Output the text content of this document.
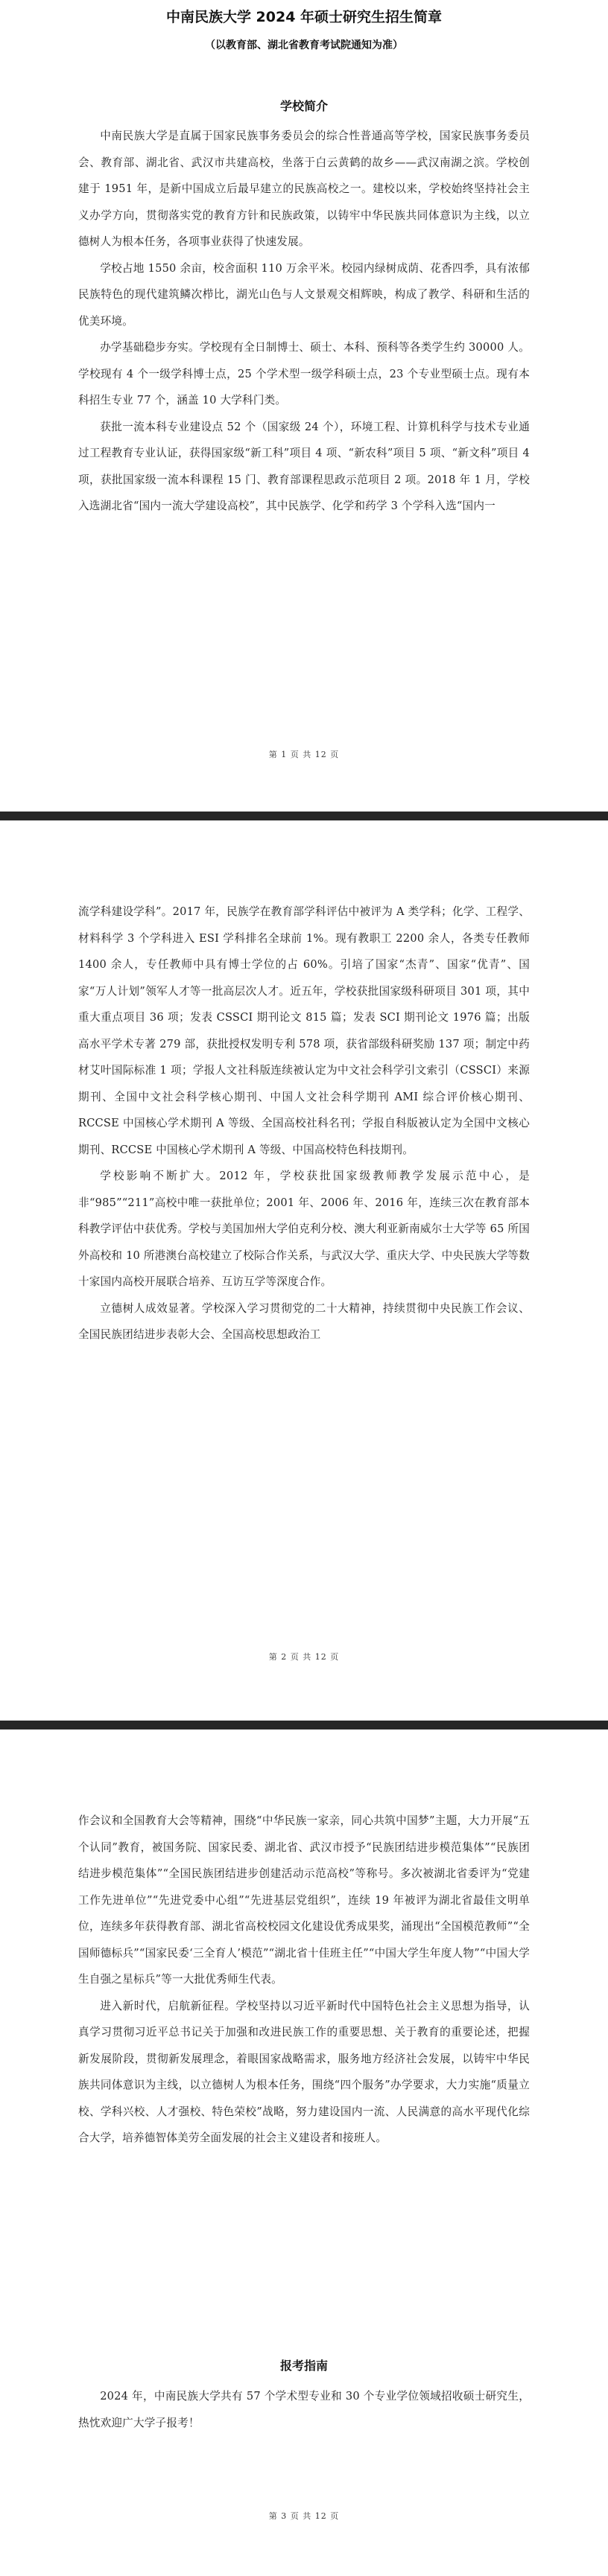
中南民族大学 2024 年硕士研究生招生简章
（以教育部、湖北省教育考试院通知为准）
学校简介

中南民族大学是直属于国家民族事务委员会的综合性普通高等学校，国家民族事务委员会、教育部、湖北省、武汉市共建高校，坐落于白云黄鹤的故乡——武汉南湖之滨。学校创建于 1951 年，是新中国成立后最早建立的民族高校之一。建校以来，学校始终坚持社会主义办学方向，贯彻落实党的教育方针和民族政策，以铸牢中华民族共同体意识为主线，以立德树人为根本任务，各项事业获得了快速发展。

学校占地 1550 余亩，校舍面积 110 万余平米。校园内绿树成荫、花香四季，具有浓郁民族特色的现代建筑鳞次栉比，湖光山色与人文景观交相辉映，构成了教学、科研和生活的优美环境。

办学基础稳步夯实。学校现有全日制博士、硕士、本科、预科等各类学生约 30000 人。学校现有 4 个一级学科博士点，25 个学术型一级学科硕士点，23 个专业型硕士点。现有本科招生专业 77 个，涵盖 10 大学科门类。

获批一流本科专业建设点 52 个（国家级 24 个），环境工程、计算机科学与技术专业通过工程教育专业认证，获得国家级“新工科”项目 4 项、“新农科”项目 5 项、“新文科”项目 4 项，获批国家级一流本科课程 15 门、教育部课程思政示范项目 2 项。2018 年 1 月，学校入选湖北省“国内一流大学建设高校”，其中民族学、化学和药学 3 个学科入选“国内一

第 1 页 共 12 页

流学科建设学科”。2017 年，民族学在教育部学科评估中被评为 A 类学科；化学、工程学、材料科学 3 个学科进入 ESI 学科排名全球前 1%。现有教职工 2200 余人，各类专任教师 1400 余人，专任教师中具有博士学位的占 60%。引培了国家“杰青”、国家“优青”、国家“万人计划”领军人才等一批高层次人才。近五年，学校获批国家级科研项目 301 项，其中重大重点项目 36 项；发表 CSSCI 期刊论文 815 篇；发表 SCI 期刊论文 1976 篇；出版高水平学术专著 279 部，获批授权发明专利 578 项，获省部级科研奖励 137 项；制定中药材艾叶国际标准 1 项；学报人文社科版连续被认定为中文社会科学引文索引（CSSCI）来源期刊、全国中文社会科学核心期刊、中国人文社会科学期刊 AMI 综合评价核心期刊、RCCSE 中国核心学术期刊 A 等级、全国高校社科名刊；学报自科版被认定为全国中文核心期刊、RCCSE 中国核心学术期刊 A 等级、中国高校特色科技期刊。

学校影响不断扩大。2012 年，学校获批国家级教师教学发展示范中心，是非“985”“211”高校中唯一获批单位；2001 年、2006 年、2016 年，连续三次在教育部本科教学评估中获优秀。学校与美国加州大学伯克利分校、澳大利亚新南威尔士大学等 65 所国外高校和 10 所港澳台高校建立了校际合作关系，与武汉大学、重庆大学、中央民族大学等数十家国内高校开展联合培养、互访互学等深度合作。

立德树人成效显著。学校深入学习贯彻党的二十大精神，持续贯彻中央民族工作会议、全国民族团结进步表彰大会、全国高校思想政治工

第 2 页 共 12 页

作会议和全国教育大会等精神，围绕“中华民族一家亲，同心共筑中国梦”主题，大力开展“五个认同”教育，被国务院、国家民委、湖北省、武汉市授予“民族团结进步模范集体”“民族团结进步模范集体”“全国民族团结进步创建活动示范高校”等称号。多次被湖北省委评为“党建工作先进单位”“先进党委中心组”“先进基层党组织”，连续 19 年被评为湖北省最佳文明单位，连续多年获得教育部、湖北省高校校园文化建设优秀成果奖，涌现出“全国模范教师”“全国师德标兵”“国家民委‘三全育人’模范”“湖北省十佳班主任”“中国大学生年度人物”“中国大学生自强之星标兵”等一大批优秀师生代表。

进入新时代，启航新征程。学校坚持以习近平新时代中国特色社会主义思想为指导，认真学习贯彻习近平总书记关于加强和改进民族工作的重要思想、关于教育的重要论述，把握新发展阶段，贯彻新发展理念，着眼国家战略需求，服务地方经济社会发展，以铸牢中华民族共同体意识为主线，以立德树人为根本任务，围绕“四个服务”办学要求，大力实施“质量立校、学科兴校、人才强校、特色荣校”战略，努力建设国内一流、人民满意的高水平现代化综合大学，培养德智体美劳全面发展的社会主义建设者和接班人。

报考指南

2024 年，中南民族大学共有 57 个学术型专业和 30 个专业学位领域招收硕士研究生，热忱欢迎广大学子报考！

第 3 页 共 12 页
